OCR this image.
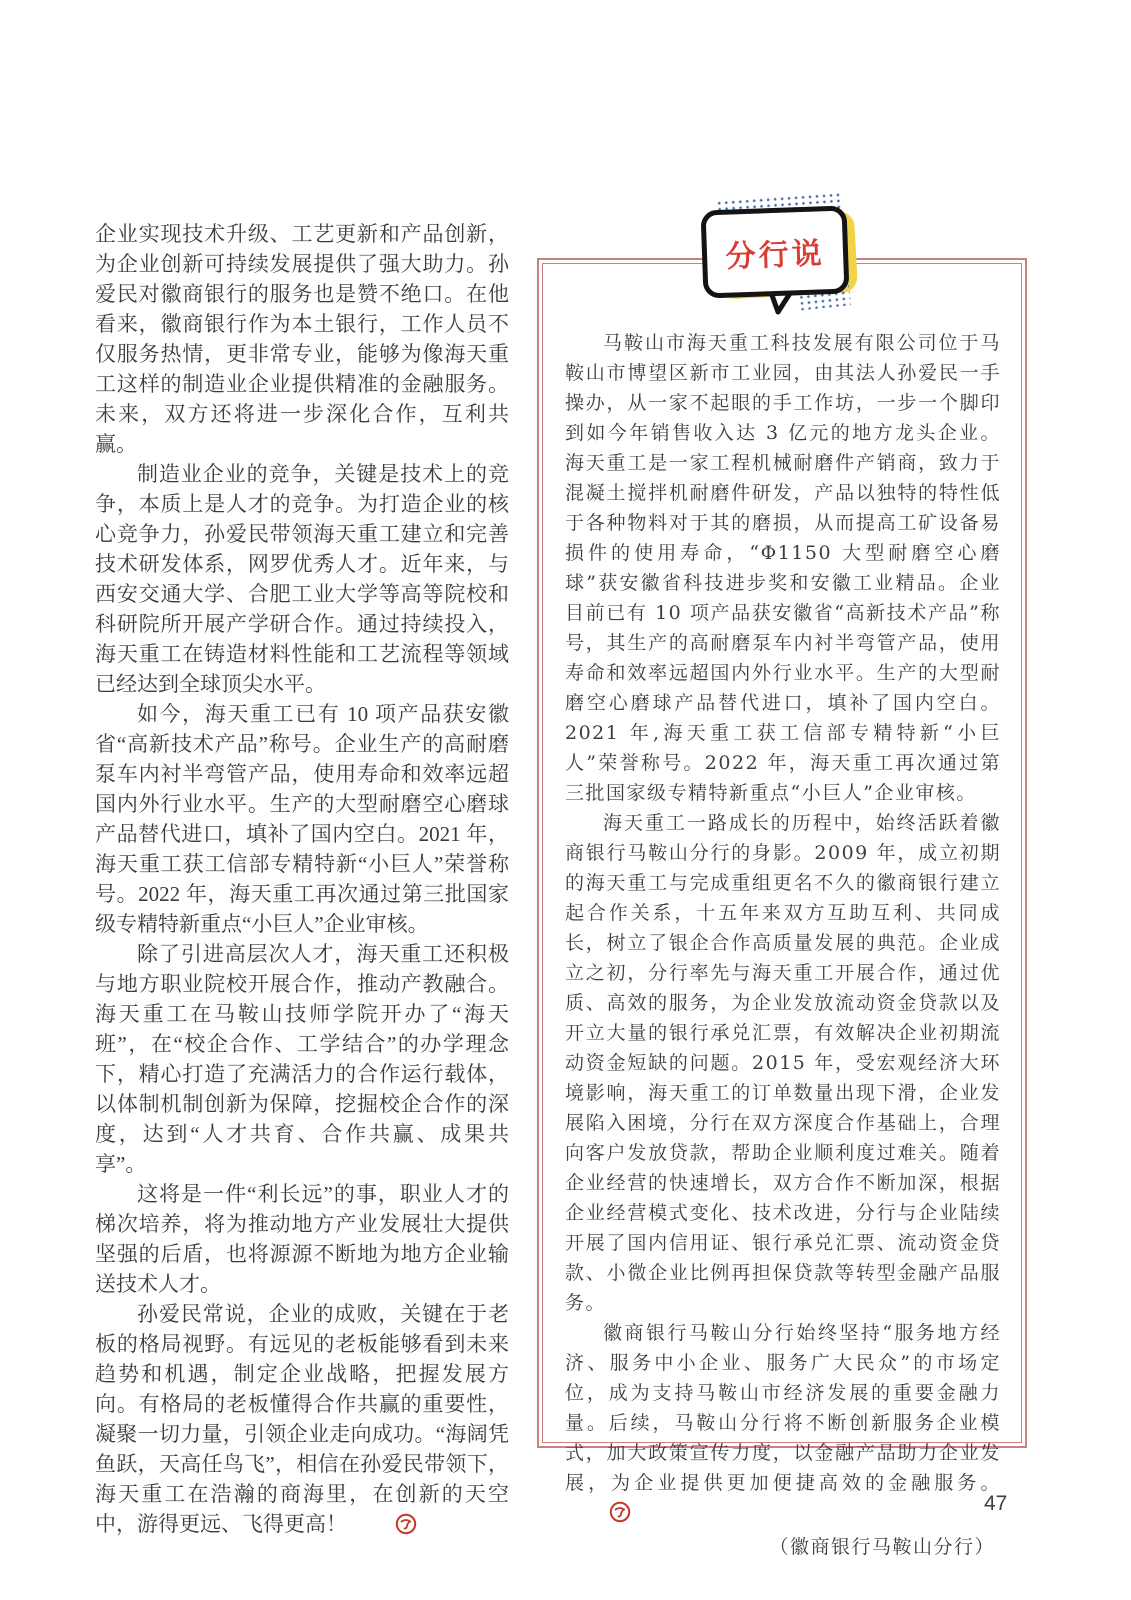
企业实现技术升级、工艺更新和产品创新，为企业创新可持续发展提供了强大助力。孙爱民对徽商银行的服务也是赞不绝口。在他看来，徽商银行作为本土银行，工作人员不仅服务热情，更非常专业，能够为像海天重工这样的制造业企业提供精准的金融服务。未来，双方还将进一步深化合作，互利共赢。

制造业企业的竞争，关键是技术上的竞争，本质上是人才的竞争。为打造企业的核心竞争力，孙爱民带领海天重工建立和完善技术研发体系，网罗优秀人才。近年来，与西安交通大学、合肥工业大学等高等院校和科研院所开展产学研合作。通过持续投入，海天重工在铸造材料性能和工艺流程等领域已经达到全球顶尖水平。

如今，海天重工已有 10 项产品获安徽省“高新技术产品”称号。企业生产的高耐磨泵车内衬半弯管产品，使用寿命和效率远超国内外行业水平。生产的大型耐磨空心磨球产品替代进口，填补了国内空白。2021 年，海天重工获工信部专精特新“小巨人”荣誉称号。2022 年，海天重工再次通过第三批国家级专精特新重点“小巨人”企业审核。

除了引进高层次人才，海天重工还积极与地方职业院校开展合作，推动产教融合。海天重工在马鞍山技师学院开办了“海天班”，在“校企合作、工学结合”的办学理念下，精心打造了充满活力的合作运行载体，以体制机制创新为保障，挖掘校企合作的深度，达到“人才共育、合作共赢、成果共享”。

这将是一件“利长远”的事，职业人才的梯次培养，将为推动地方产业发展壮大提供坚强的后盾，也将源源不断地为地方企业输送技术人才。

孙爱民常说，企业的成败，关键在于老板的格局视野。有远见的老板能够看到未来趋势和机遇，制定企业战略，把握发展方向。有格局的老板懂得合作共赢的重要性，凝聚一切力量，引领企业走向成功。“海阔凭鱼跃，天高任鸟飞”，相信在孙爱民带领下，海天重工在浩瀚的商海里，在创新的天空中，游得更远、飞得更高！

马鞍山市海天重工科技发展有限公司位于马鞍山市博望区新市工业园，由其法人孙爱民一手操办，从一家不起眼的手工作坊，一步一个脚印到如今年销售收入达 3 亿元的地方龙头企业。海天重工是一家工程机械耐磨件产销商，致力于混凝土搅拌机耐磨件研发，产品以独特的特性低于各种物料对于其的磨损，从而提高工矿设备易损件的使用寿命，“Φ1150 大型耐磨空心磨球”获安徽省科技进步奖和安徽工业精品。企业目前已有 10 项产品获安徽省“高新技术产品”称号，其生产的高耐磨泵车内衬半弯管产品，使用寿命和效率远超国内外行业水平。生产的大型耐磨空心磨球产品替代进口，填补了国内空白。2021 年,海天重工获工信部专精特新“小巨人”荣誉称号。2022 年，海天重工再次通过第三批国家级专精特新重点“小巨人”企业审核。

海天重工一路成长的历程中，始终活跃着徽商银行马鞍山分行的身影。2009 年，成立初期的海天重工与完成重组更名不久的徽商银行建立起合作关系，十五年来双方互助互利、共同成长，树立了银企合作高质量发展的典范。企业成立之初，分行率先与海天重工开展合作，通过优质、高效的服务，为企业发放流动资金贷款以及开立大量的银行承兑汇票，有效解决企业初期流动资金短缺的问题。2015 年，受宏观经济大环境影响，海天重工的订单数量出现下滑，企业发展陷入困境，分行在双方深度合作基础上，合理向客户发放贷款，帮助企业顺利度过难关。随着企业经营的快速增长，双方合作不断加深，根据企业经营模式变化、技术改进，分行与企业陆续开展了国内信用证、银行承兑汇票、流动资金贷款、小微企业比例再担保贷款等转型金融产品服务。

徽商银行马鞍山分行始终坚持“服务地方经济、服务中小企业、服务广大民众”的市场定位，成为支持马鞍山市经济发展的重要金融力量。后续，马鞍山分行将不断创新服务企业模式，加大政策宣传力度，以金融产品助力企业发展，为企业提供更加便捷高效的金融服务。

（徽商银行马鞍山分行）

分行说
47
